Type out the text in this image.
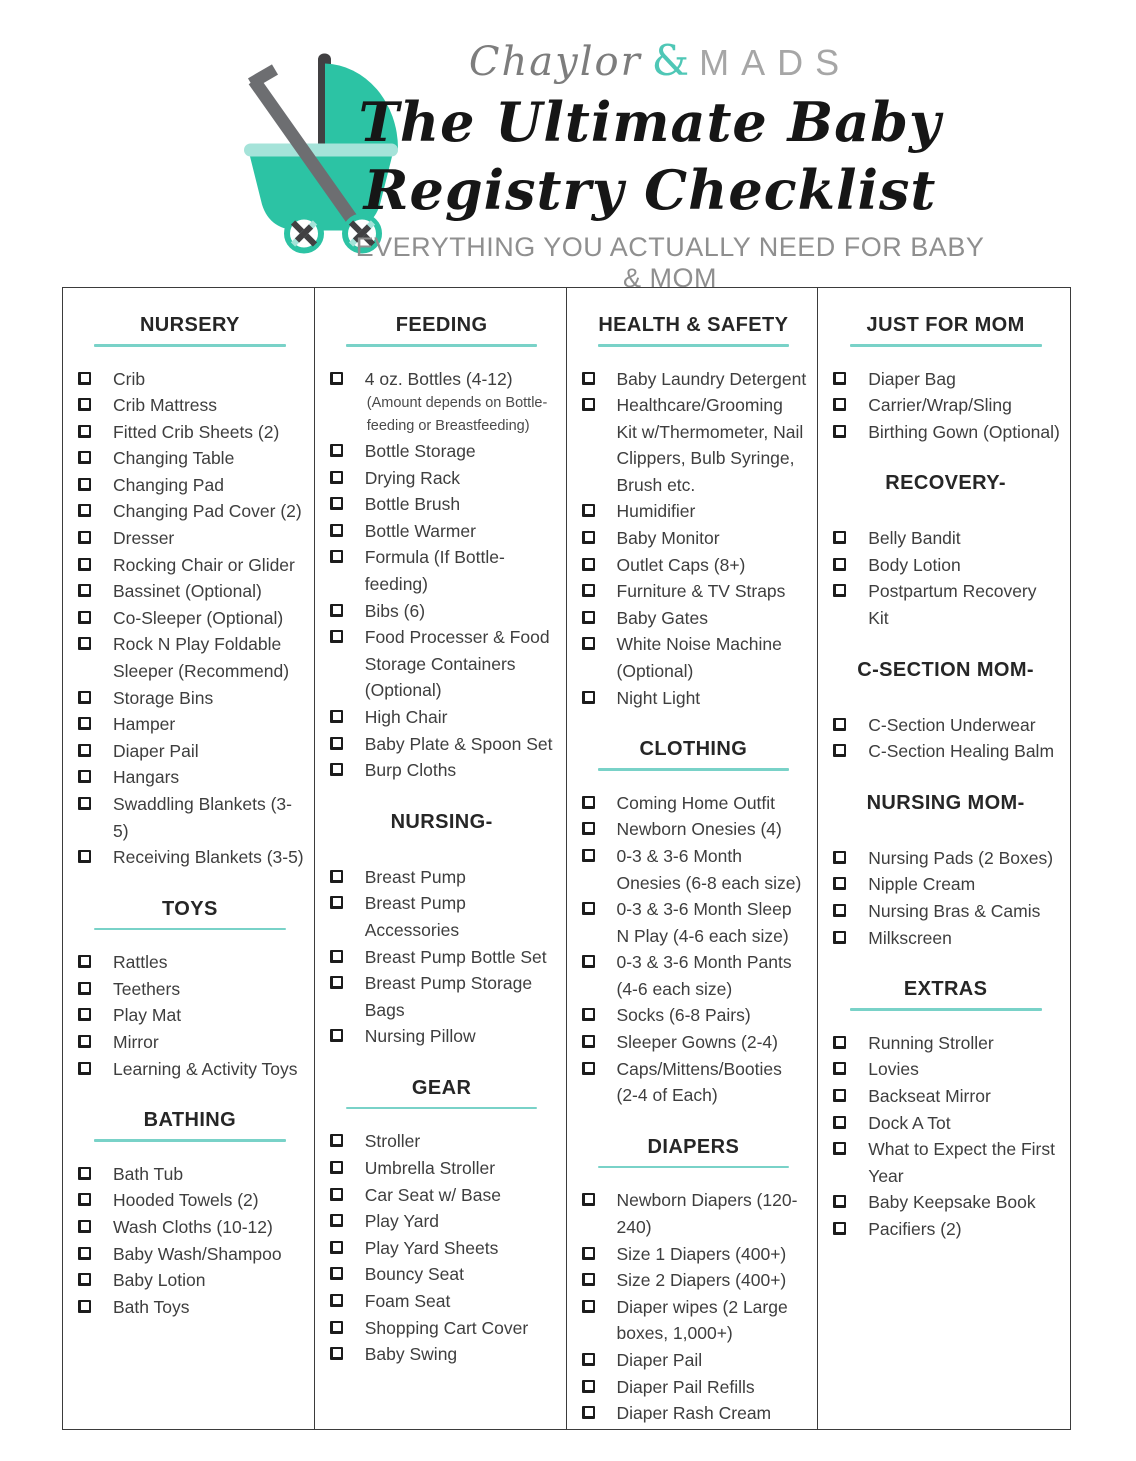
Chaylor & MADS
The Ultimate Baby
Registry Checklist
EVERYTHING YOU ACTUALLY NEED FOR BABY & MOM
NURSERY
Crib
Crib Mattress
Fitted Crib Sheets (2)
Changing Table
Changing Pad
Changing Pad Cover (2)
Dresser
Rocking Chair or Glider
Bassinet (Optional)
Co-Sleeper (Optional)
Rock N Play Foldable Sleeper (Recommend)
Storage Bins
Hamper
Diaper Pail
Hangars
Swaddling Blankets (3-5)
Receiving Blankets (3-5)
TOYS
Rattles
Teethers
Play Mat
Mirror
Learning & Activity Toys
BATHING
Bath Tub
Hooded Towels (2)
Wash Cloths (10-12)
Baby Wash/Shampoo
Baby Lotion
Bath Toys
FEEDING
4 oz. Bottles (4-12)
(Amount depends on Bottle-feeding or Breastfeeding)
Bottle Storage
Drying Rack
Bottle Brush
Bottle Warmer
Formula (If Bottle-feeding)
Bibs (6)
Food Processer & Food Storage Containers (Optional)
High Chair
Baby Plate & Spoon Set
Burp Cloths
NURSING-
Breast Pump
Breast Pump Accessories
Breast Pump Bottle Set
Breast Pump Storage Bags
Nursing Pillow
GEAR
Stroller
Umbrella Stroller
Car Seat w/ Base
Play Yard
Play Yard Sheets
Bouncy Seat
Foam Seat
Shopping Cart Cover
Baby Swing
HEALTH & SAFETY
Baby Laundry Detergent
Healthcare/Grooming Kit w/Thermometer, Nail Clippers, Bulb Syringe, Brush etc.
Humidifier
Baby Monitor
Outlet Caps (8+)
Furniture & TV Straps
Baby Gates
White Noise Machine (Optional)
Night Light
CLOTHING
Coming Home Outfit
Newborn Onesies (4)
0-3 & 3-6 Month Onesies (6-8 each size)
0-3 & 3-6 Month Sleep N Play (4-6 each size)
0-3 & 3-6 Month Pants (4-6 each size)
Socks (6-8 Pairs)
Sleeper Gowns (2-4)
Caps/Mittens/Booties (2-4 of Each)
DIAPERS
Newborn Diapers (120-240)
Size 1 Diapers (400+)
Size 2 Diapers (400+)
Diaper wipes (2 Large boxes, 1,000+)
Diaper Pail
Diaper Pail Refills
Diaper Rash Cream
JUST FOR MOM
Diaper Bag
Carrier/Wrap/Sling
Birthing Gown (Optional)
RECOVERY-
Belly Bandit
Body Lotion
Postpartum Recovery Kit
C-SECTION MOM-
C-Section Underwear
C-Section Healing Balm
NURSING MOM-
Nursing Pads (2 Boxes)
Nipple Cream
Nursing Bras & Camis
Milkscreen
EXTRAS
Running Stroller
Lovies
Backseat Mirror
Dock A Tot
What to Expect the First Year
Baby Keepsake Book
Pacifiers (2)
